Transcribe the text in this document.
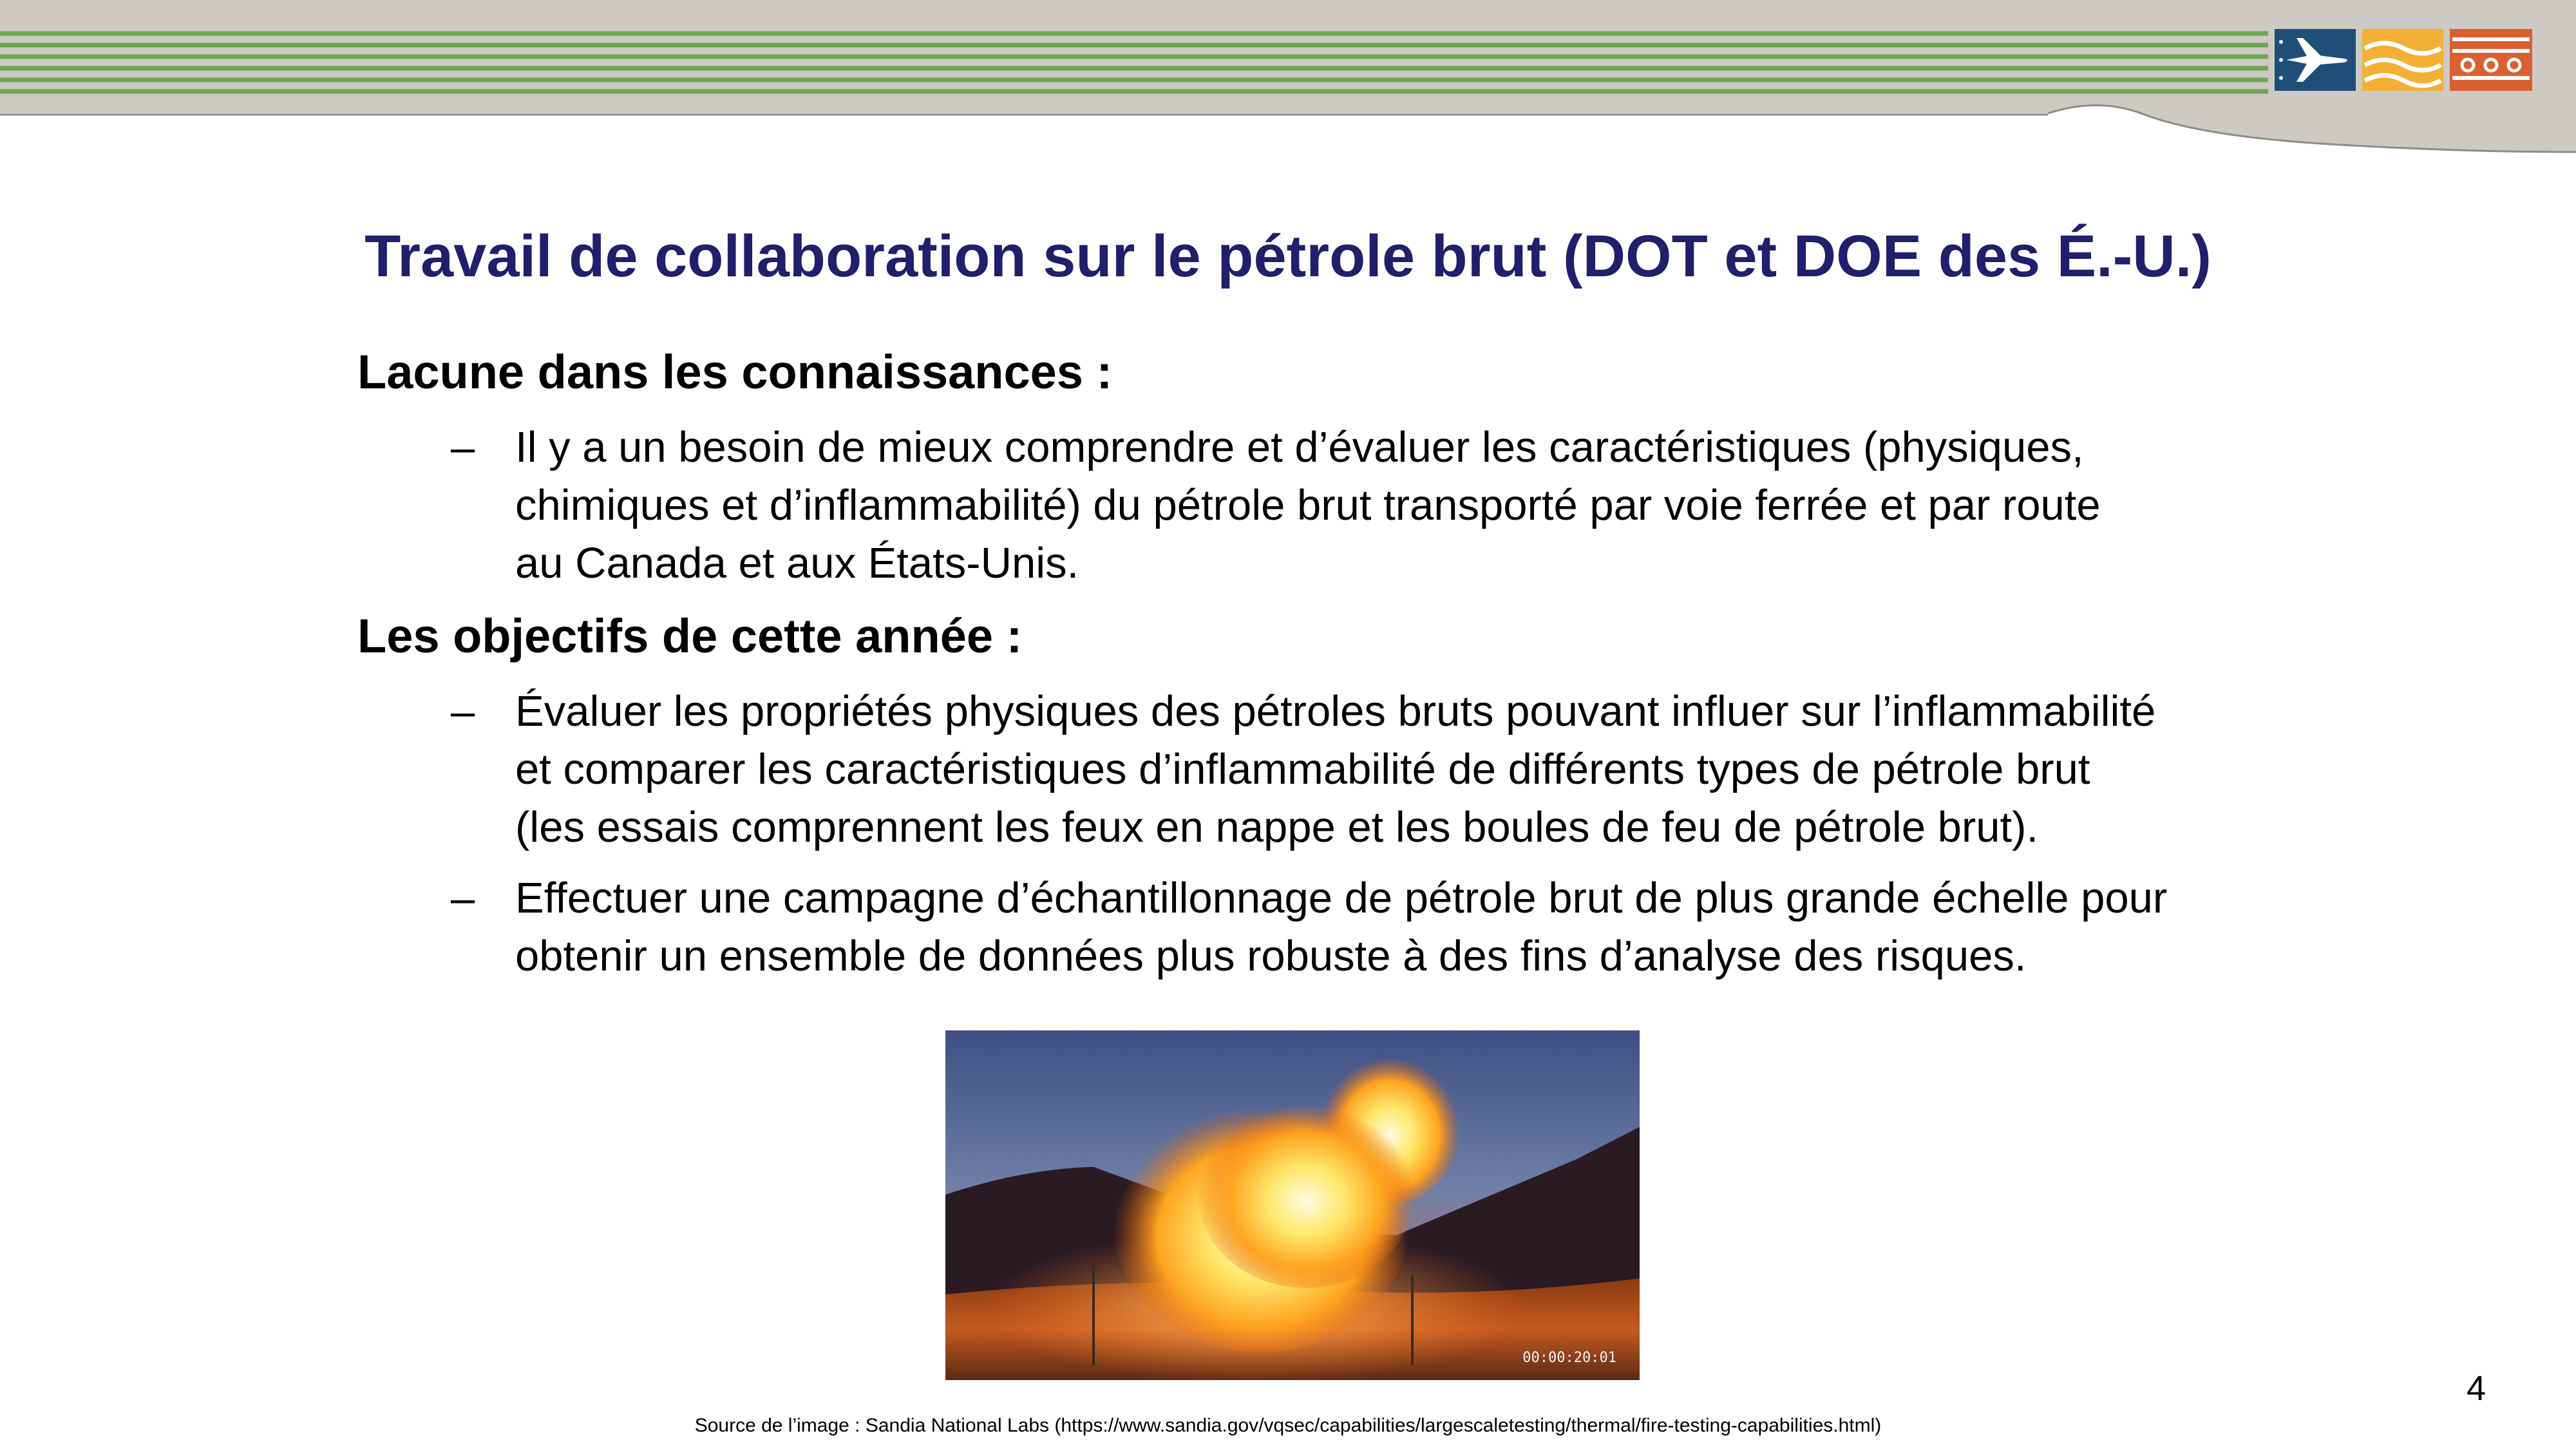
Travail de collaboration sur le pétrole brut (DOT et DOE des É.-U.)
Lacune dans les connaissances :
– Il y a un besoin de mieux comprendre et d’évaluer les caractéristiques (physiques,
chimiques et d’inflammabilité) du pétrole brut transporté par voie ferrée et par route
au Canada et aux États-Unis.
Les objectifs de cette année :
– Évaluer les propriétés physiques des pétroles bruts pouvant influer sur l’inflammabilité
et comparer les caractéristiques d’inflammabilité de différents types de pétrole brut
(les essais comprennent les feux en nappe et les boules de feu de pétrole brut).
– Effectuer une campagne d’échantillonnage de pétrole brut de plus grande échelle pour
obtenir un ensemble de données plus robuste à des fins d’analyse des risques.
00:00:20:01
Source de l’image : Sandia National Labs (https://www.sandia.gov/vqsec/capabilities/largescaletesting/thermal/fire-testing-capabilities.html)
4
